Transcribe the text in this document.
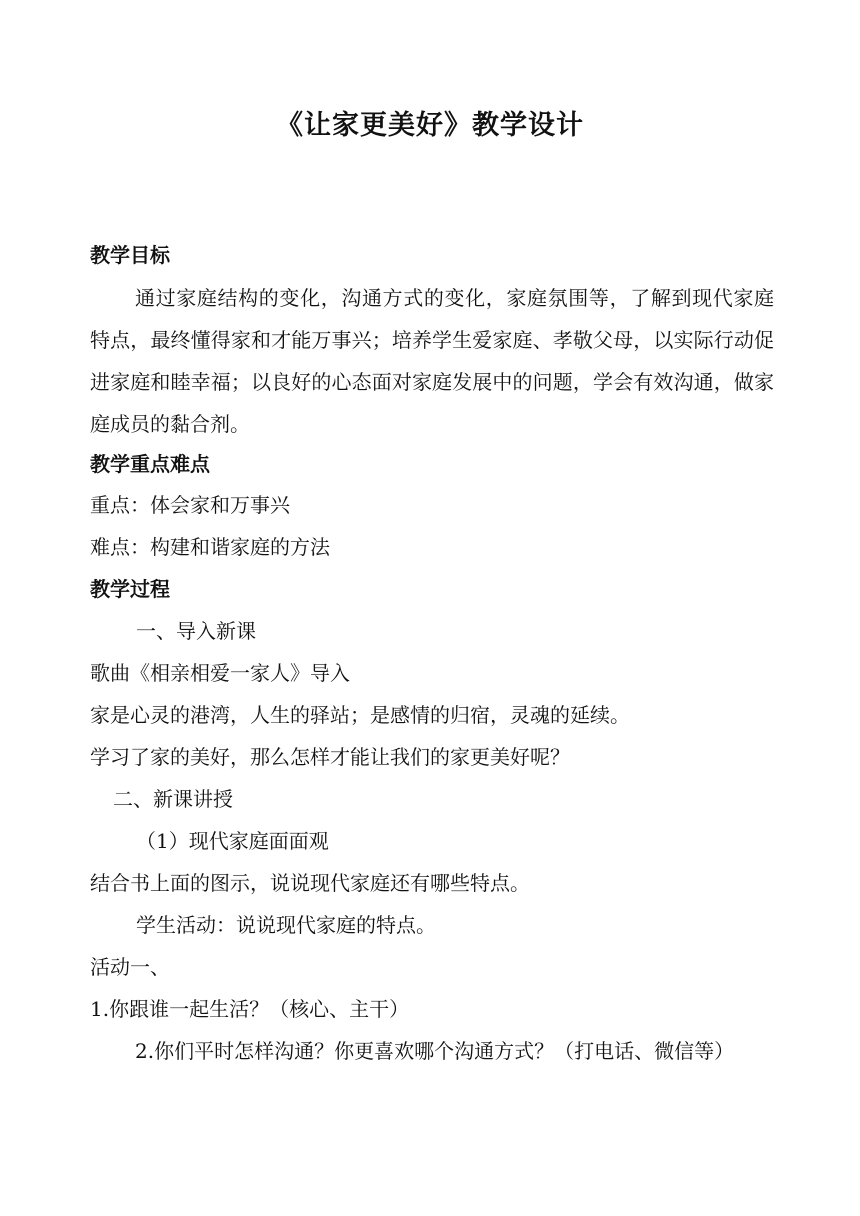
《让家更美好》教学设计
教学目标
通过家庭结构的变化，沟通方式的变化，家庭氛围等，了解到现代家庭特点，最终懂得家和才能万事兴；培养学生爱家庭、孝敬父母，以实际行动促进家庭和睦幸福；以良好的心态面对家庭发展中的问题，学会有效沟通，做家庭成员的黏合剂。
教学重点难点
重点：体会家和万事兴
难点：构建和谐家庭的方法
教学过程
一、导入新课
歌曲《相亲相爱一家人》导入
家是心灵的港湾，人生的驿站；是感情的归宿，灵魂的延续。
学习了家的美好，那么怎样才能让我们的家更美好呢？
二、新课讲授
（1）现代家庭面面观
结合书上面的图示，说说现代家庭还有哪些特点。
学生活动：说说现代家庭的特点。
活动一、
1.你跟谁一起生活？（核心、主干）
2.你们平时怎样沟通？你更喜欢哪个沟通方式？（打电话、微信等）
